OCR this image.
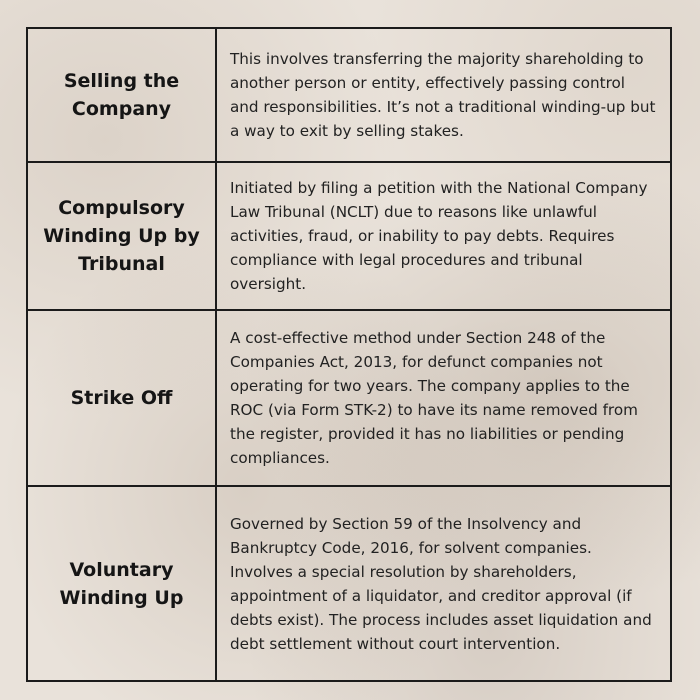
Selling the Company

This involves transferring the majority shareholding to another person or entity, effectively passing control and responsibilities. It’s not a traditional winding-up but a way to exit by selling stakes.

Compulsory Winding Up by Tribunal

Initiated by filing a petition with the National Company Law Tribunal (NCLT) due to reasons like unlawful activities, fraud, or inability to pay debts. Requires compliance with legal procedures and tribunal oversight.

Strike Off

A cost-effective method under Section 248 of the Companies Act, 2013, for defunct companies not operating for two years. The company applies to the ROC (via Form STK-2) to have its name removed from the register, provided it has no liabilities or pending compliances.

Voluntary Winding Up

Governed by Section 59 of the Insolvency and Bankruptcy Code, 2016, for solvent companies. Involves a special resolution by shareholders, appointment of a liquidator, and creditor approval (if debts exist). The process includes asset liquidation and debt settlement without court intervention.
